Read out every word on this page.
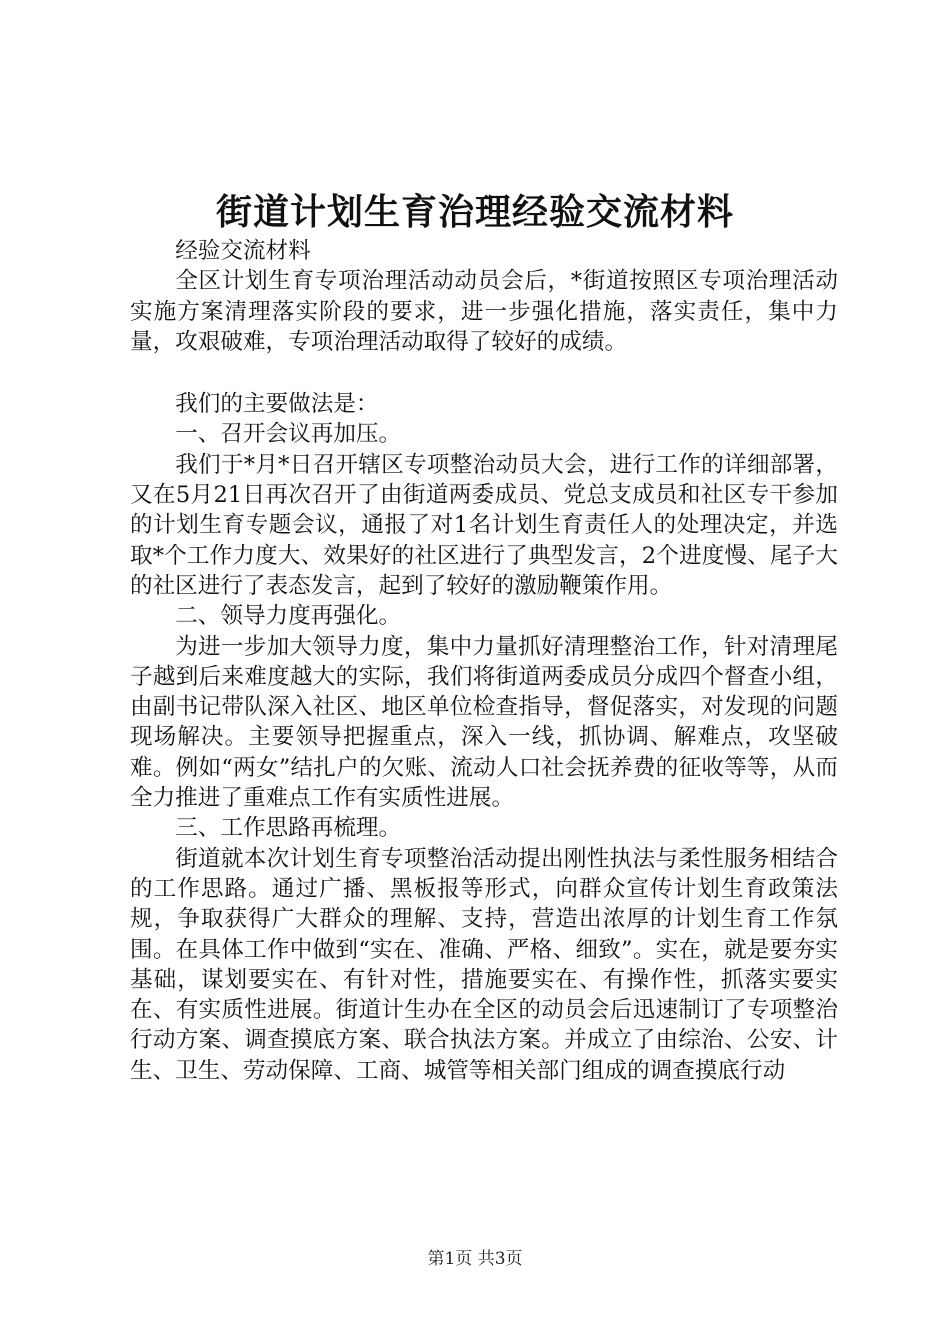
街道计划生育治理经验交流材料

经验交流材料

全区计划生育专项治理活动动员会后，*街道按照区专项治理活动实施方案清理落实阶段的要求，进一步强化措施，落实责任，集中力量，攻艰破难，专项治理活动取得了较好的成绩。

我们的主要做法是：

一、召开会议再加压。

我们于*月*日召开辖区专项整治动员大会，进行工作的详细部署，又在5月21日再次召开了由街道两委成员、党总支成员和社区专干参加的计划生育专题会议，通报了对1名计划生育责任人的处理决定，并选取*个工作力度大、效果好的社区进行了典型发言，2个进度慢、尾子大的社区进行了表态发言，起到了较好的激励鞭策作用。

二、领导力度再强化。

为进一步加大领导力度，集中力量抓好清理整治工作，针对清理尾子越到后来难度越大的实际，我们将街道两委成员分成四个督查小组，由副书记带队深入社区、地区单位检查指导，督促落实，对发现的问题现场解决。主要领导把握重点，深入一线，抓协调、解难点，攻坚破难。例如“两女”结扎户的欠账、流动人口社会抚养费的征收等等，从而全力推进了重难点工作有实质性进展。

三、工作思路再梳理。

街道就本次计划生育专项整治活动提出刚性执法与柔性服务相结合的工作思路。通过广播、黑板报等形式，向群众宣传计划生育政策法规，争取获得广大群众的理解、支持，营造出浓厚的计划生育工作氛围。在具体工作中做到“实在、准确、严格、细致”。实在，就是要夯实基础，谋划要实在、有针对性，措施要实在、有操作性，抓落实要实在、有实质性进展。街道计生办在全区的动员会后迅速制订了专项整治行动方案、调查摸底方案、联合执法方案。并成立了由综治、公安、计生、卫生、劳动保障、工商、城管等相关部门组成的调查摸底行动

第1页 共3页
